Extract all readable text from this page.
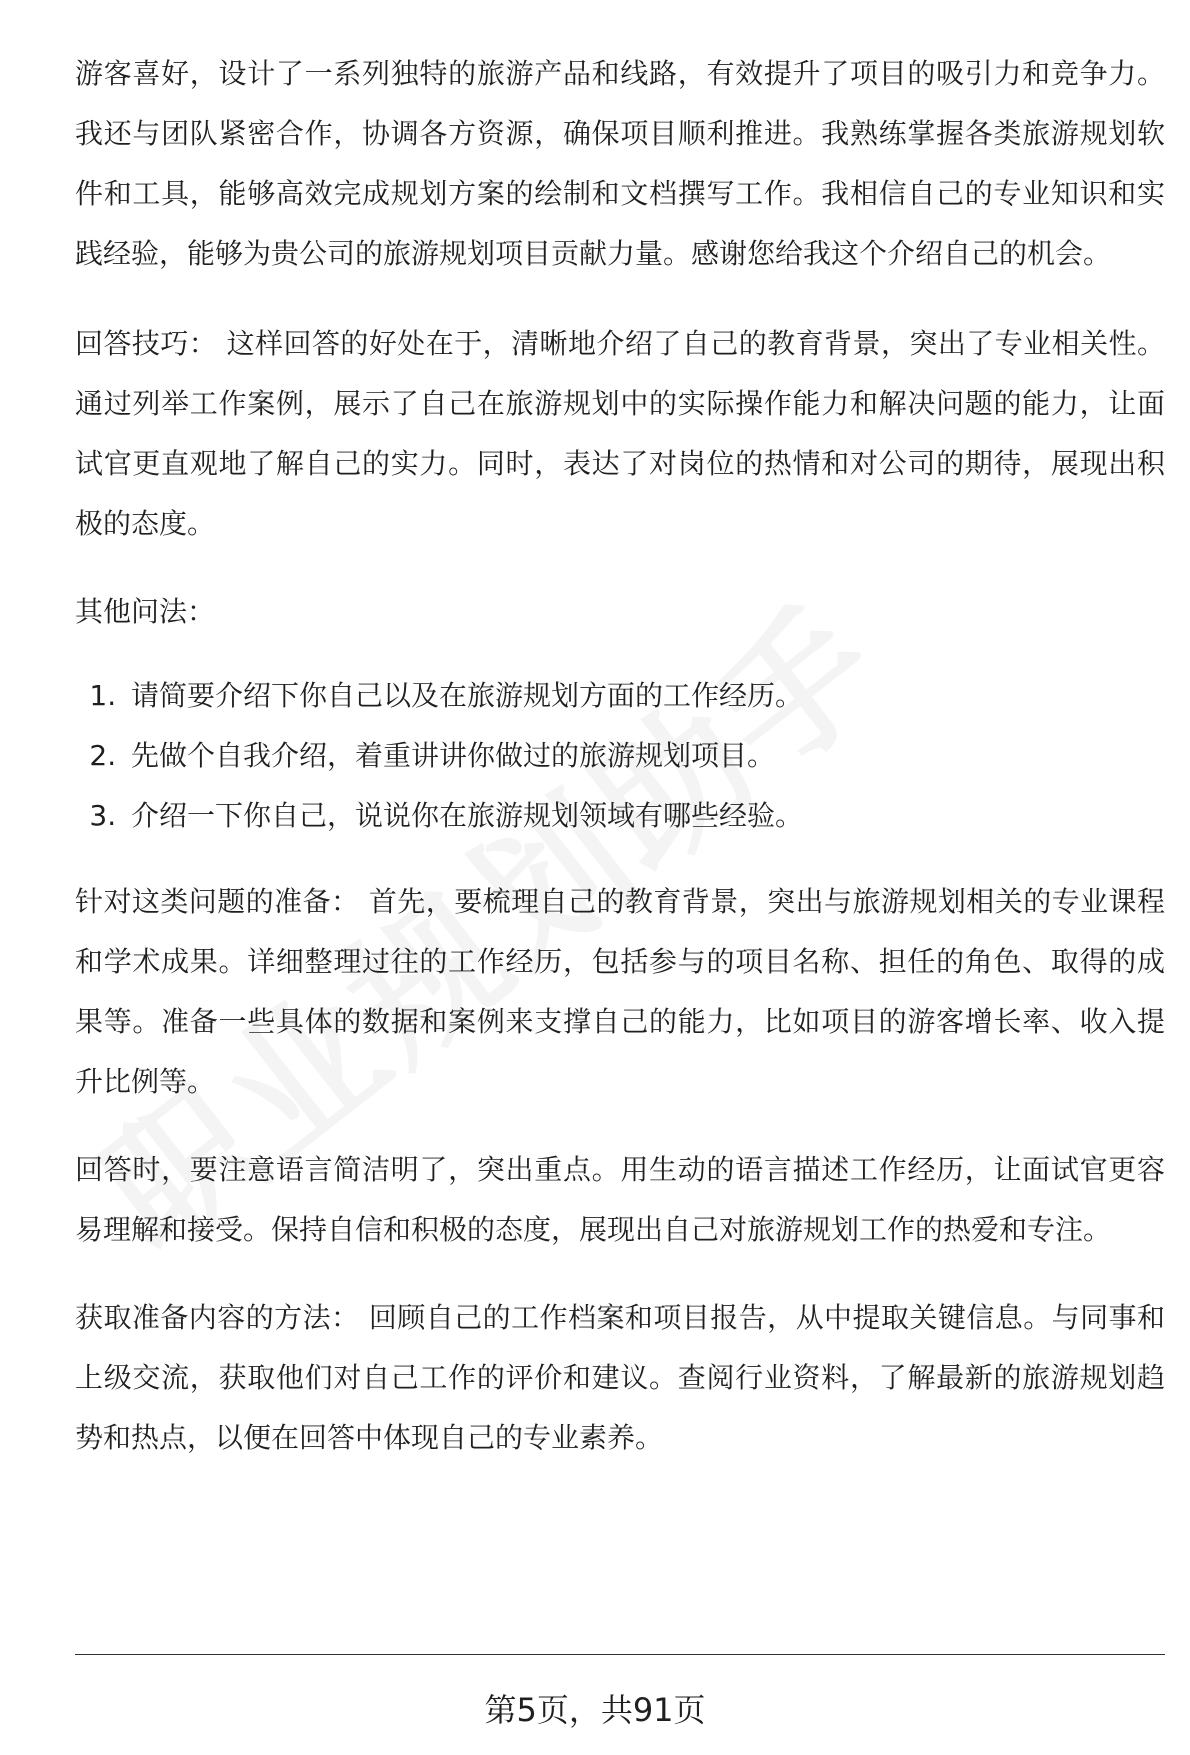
游客喜好，设计了一系列独特的旅游产品和线路，有效提升了项目的吸引力和竞争力。我还与团队紧密合作，协调各方资源，确保项目顺利推进。我熟练掌握各类旅游规划软件和工具，能够高效完成规划方案的绘制和文档撰写工作。我相信自己的专业知识和实践经验，能够为贵公司的旅游规划项目贡献力量。感谢您给我这个介绍自己的机会。

回答技巧： 这样回答的好处在于，清晰地介绍了自己的教育背景，突出了专业相关性。通过列举工作案例，展示了自己在旅游规划中的实际操作能力和解决问题的能力，让面试官更直观地了解自己的实力。同时，表达了对岗位的热情和对公司的期待，展现出积极的态度。

其他问法：

1. 请简要介绍下你自己以及在旅游规划方面的工作经历。
2. 先做个自我介绍，着重讲讲你做过的旅游规划项目。
3. 介绍一下你自己，说说你在旅游规划领域有哪些经验。

针对这类问题的准备： 首先，要梳理自己的教育背景，突出与旅游规划相关的专业课程和学术成果。详细整理过往的工作经历，包括参与的项目名称、担任的角色、取得的成果等。准备一些具体的数据和案例来支撑自己的能力，比如项目的游客增长率、收入提升比例等。

回答时，要注意语言简洁明了，突出重点。用生动的语言描述工作经历，让面试官更容易理解和接受。保持自信和积极的态度，展现出自己对旅游规划工作的热爱和专注。

获取准备内容的方法： 回顾自己的工作档案和项目报告，从中提取关键信息。与同事和上级交流，获取他们对自己工作的评价和建议。查阅行业资料，了解最新的旅游规划趋势和热点，以便在回答中体现自己的专业素养。

第5页，共91页
